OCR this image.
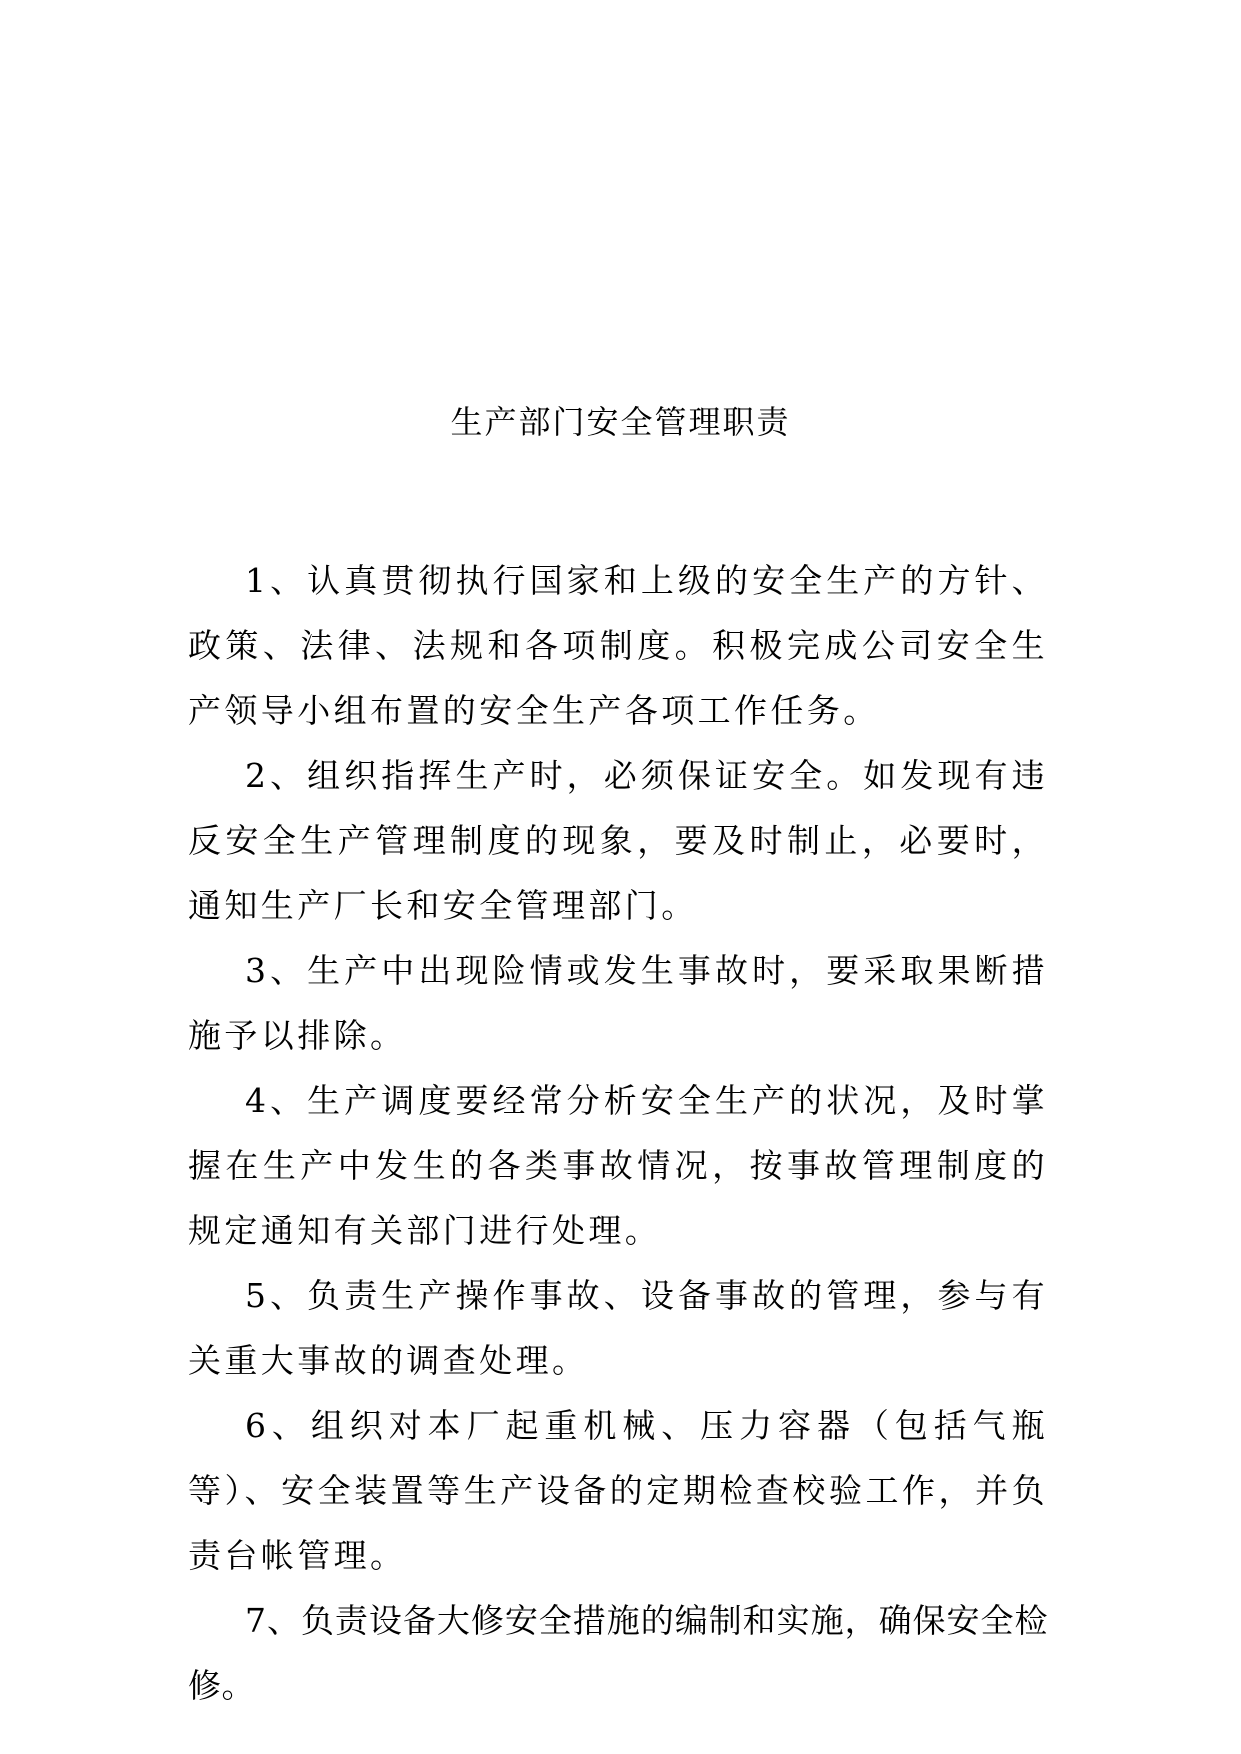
生产部门安全管理职责

1、认真贯彻执行国家和上级的安全生产的方针、政策、法律、法规和各项制度。积极完成公司安全生产领导小组布置的安全生产各项工作任务。

2、组织指挥生产时，必须保证安全。如发现有违反安全生产管理制度的现象，要及时制止，必要时，通知生产厂长和安全管理部门。

3、生产中出现险情或发生事故时，要采取果断措施予以排除。

4、生产调度要经常分析安全生产的状况，及时掌握在生产中发生的各类事故情况，按事故管理制度的规定通知有关部门进行处理。

5、负责生产操作事故、设备事故的管理，参与有关重大事故的调查处理。

6、组织对本厂起重机械、压力容器（包括气瓶等）、安全装置等生产设备的定期检查校验工作，并负责台帐管理。

7、负责设备大修安全措施的编制和实施，确保安全检修。
